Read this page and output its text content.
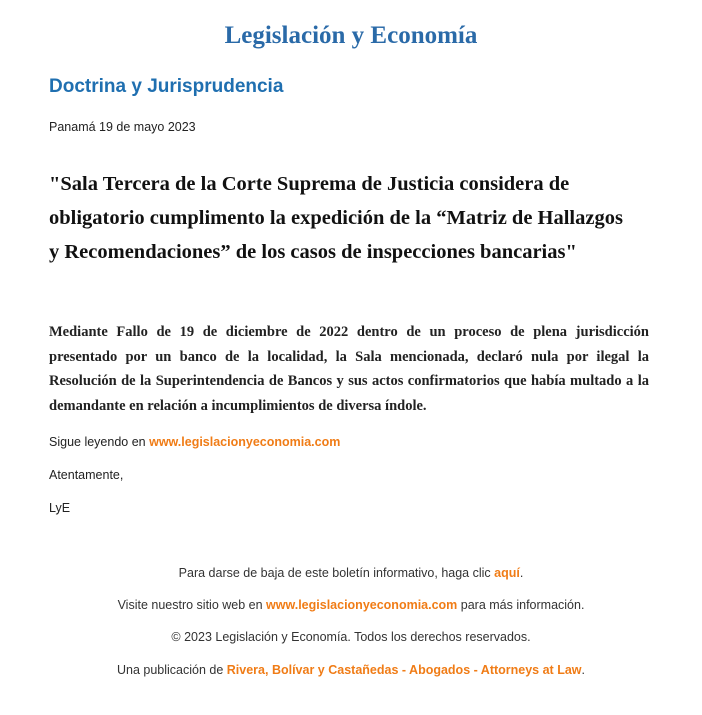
Legislación y Economía
Doctrina y Jurisprudencia
Panamá 19 de mayo 2023
"Sala Tercera de la Corte Suprema de Justicia considera de obligatorio cumplimento la expedición de la “Matriz de Hallazgos y Recomendaciones” de los casos de inspecciones bancarias"

Mediante Fallo de 19 de diciembre de 2022 dentro de un proceso de plena jurisdicción presentado por un banco de la localidad, la Sala mencionada, declaró nula por ilegal la Resolución de la Superintendencia de Bancos y sus actos confirmatorios que había multado a la demandante en relación a incumplimientos de diversa índole.

Sigue leyendo en www.legislacionyeconomia.com
Atentamente,
LyE
Para darse de baja de este boletín informativo, haga clic aquí.
Visite nuestro sitio web en www.legislacionyeconomia.com para más información.
© 2023 Legislación y Economía. Todos los derechos reservados.
Una publicación de Rivera, Bolívar y Castañedas - Abogados - Attorneys at Law.
